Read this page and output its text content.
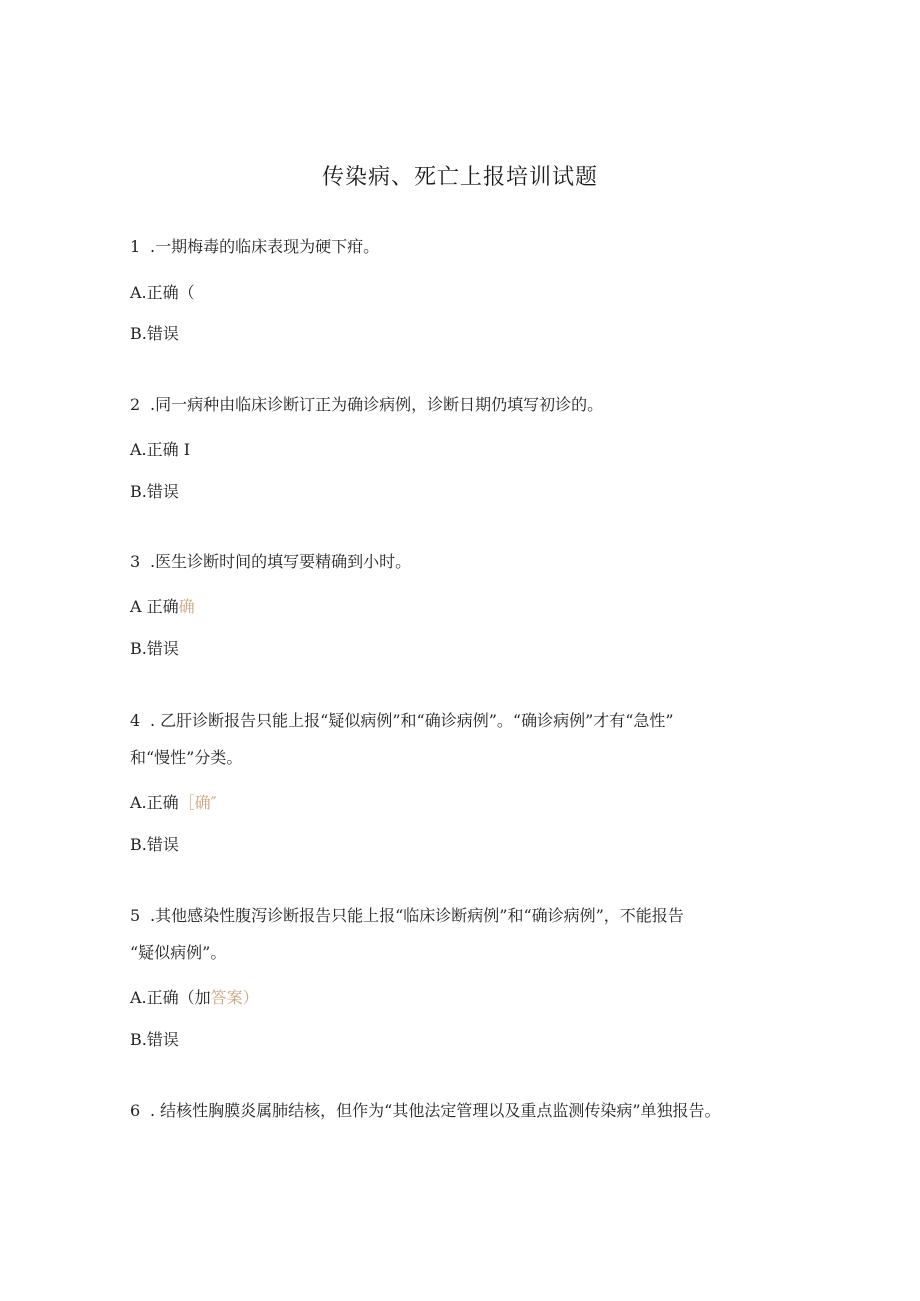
传染病、死亡上报培训试题
1 .一期梅毒的临床表现为硬下疳。
A.正确（
B.错误
2 .同一病种由临床诊断订正为确诊病例，诊断日期仍填写初诊的。
A.正确 I
B.错误
3 .医生诊断时间的填写要精确到小时。
A 正确确
B.错误
4 . 乙肝诊断报告只能上报“疑似病例”和“确诊病例”。“确诊病例”才有“急性”
和“慢性”分类。
A.正确［确″
B.错误
5 .其他感染性腹泻诊断报告只能上报“临床诊断病例”和“确诊病例”，不能报告
“疑似病例”。
A.正确（加答案）
B.错误
6 . 结核性胸膜炎属肺结核，但作为“其他法定管理以及重点监测传染病”单独报告。
